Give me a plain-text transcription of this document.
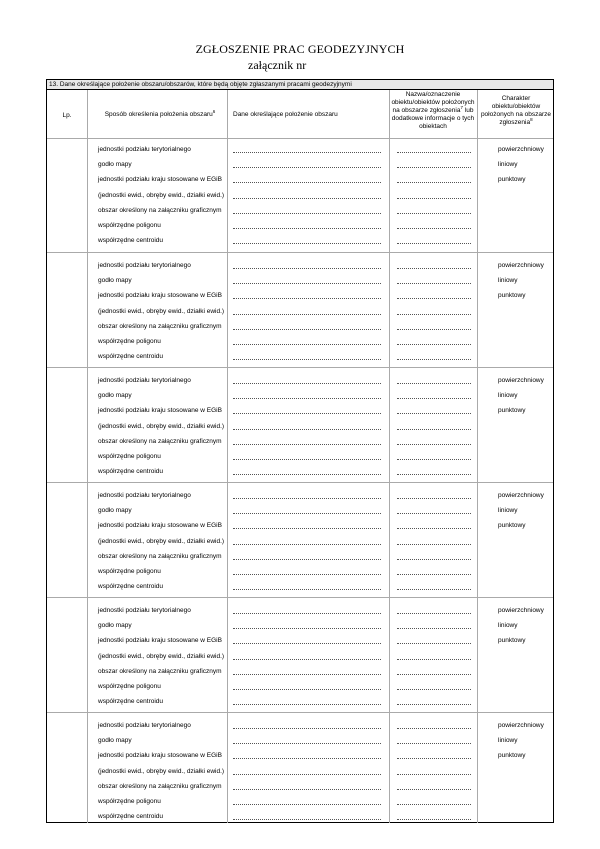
ZGŁOSZENIE PRAC GEODEZYJNYCH
załącznik nr
13. Dane określające położenie obszaru/obszarów, które będą objęte zgłaszanymi pracami geodezyjnymi
Lp.	Sposób określenia położenia obszaru$^6$	Dane określające położenie obszaru
Nazwa/oznaczenie obiektu/obiektów położonych na obszarze zgłoszenia$^7$ lub dodatkowe informacje o tych obiektach
Charakter obiektu/obiektów położonych na obszarze zgłoszenia$^8$
jednostki podziału terytorialnego
godło mapy
jednostki podziału kraju stosowane w EGiB
(jednostki ewid., obręby ewid., działki ewid.)
obszar określony na załączniku graficznym
współrzędne poligonu
współrzędne centroidu
powierzchniowy
liniowy
punktowy
jednostki podziału terytorialnego
godło mapy
jednostki podziału kraju stosowane w EGiB
(jednostki ewid., obręby ewid., działki ewid.)
obszar określony na załączniku graficznym
współrzędne poligonu
współrzędne centroidu
powierzchniowy
liniowy
punktowy
jednostki podziału terytorialnego
godło mapy
jednostki podziału kraju stosowane w EGiB
(jednostki ewid., obręby ewid., działki ewid.)
obszar określony na załączniku graficznym
współrzędne poligonu
współrzędne centroidu
powierzchniowy
liniowy
punktowy
jednostki podziału terytorialnego
godło mapy
jednostki podziału kraju stosowane w EGiB
(jednostki ewid., obręby ewid., działki ewid.)
obszar określony na załączniku graficznym
współrzędne poligonu
współrzędne centroidu
powierzchniowy
liniowy
punktowy
jednostki podziału terytorialnego
godło mapy
jednostki podziału kraju stosowane w EGiB
(jednostki ewid., obręby ewid., działki ewid.)
obszar określony na załączniku graficznym
współrzędne poligonu
współrzędne centroidu
powierzchniowy
liniowy
punktowy
jednostki podziału terytorialnego
godło mapy
jednostki podziału kraju stosowane w EGiB
(jednostki ewid., obręby ewid., działki ewid.)
obszar określony na załączniku graficznym
współrzędne poligonu
współrzędne centroidu
powierzchniowy
liniowy
punktowy
